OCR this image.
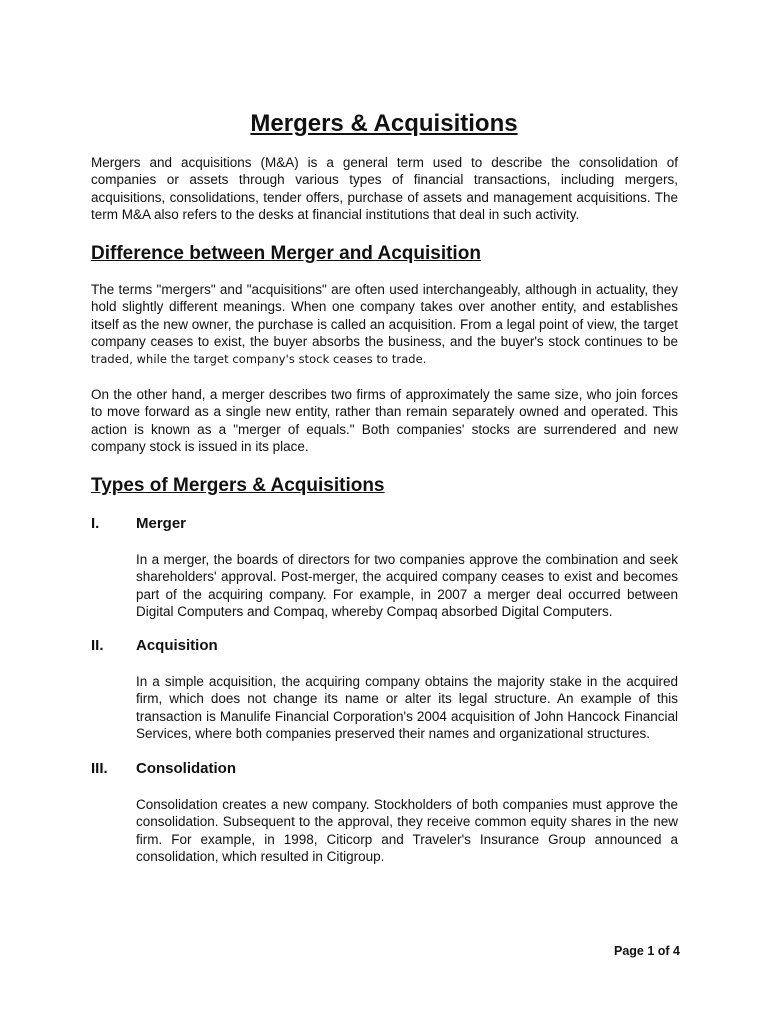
Mergers & Acquisitions

Mergers and acquisitions (M&A) is a general term used to describe the consolidation of companies or assets through various types of financial transactions, including mergers, acquisitions, consolidations, tender offers, purchase of assets and management acquisitions. The term M&A also refers to the desks at financial institutions that deal in such activity.

Difference between Merger and Acquisition

The terms "mergers" and "acquisitions" are often used interchangeably, although in actuality, they hold slightly different meanings. When one company takes over another entity, and establishes itself as the new owner, the purchase is called an acquisition. From a legal point of view, the target company ceases to exist, the buyer absorbs the business, and the buyer's stock continues to be traded, while the target company's stock ceases to trade.

On the other hand, a merger describes two firms of approximately the same size, who join forces to move forward as a single new entity, rather than remain separately owned and operated. This action is known as a "merger of equals." Both companies' stocks are surrendered and new company stock is issued in its place.

Types of Mergers & Acquisitions
I. Merger

In a merger, the boards of directors for two companies approve the combination and seek shareholders' approval. Post-merger, the acquired company ceases to exist and becomes part of the acquiring company. For example, in 2007 a merger deal occurred between Digital Computers and Compaq, whereby Compaq absorbed Digital Computers.

II. Acquisition

In a simple acquisition, the acquiring company obtains the majority stake in the acquired firm, which does not change its name or alter its legal structure. An example of this transaction is Manulife Financial Corporation's 2004 acquisition of John Hancock Financial Services, where both companies preserved their names and organizational structures.

III. Consolidation

Consolidation creates a new company. Stockholders of both companies must approve the consolidation. Subsequent to the approval, they receive common equity shares in the new firm. For example, in 1998, Citicorp and Traveler's Insurance Group announced a consolidation, which resulted in Citigroup.

Page 1 of 4
